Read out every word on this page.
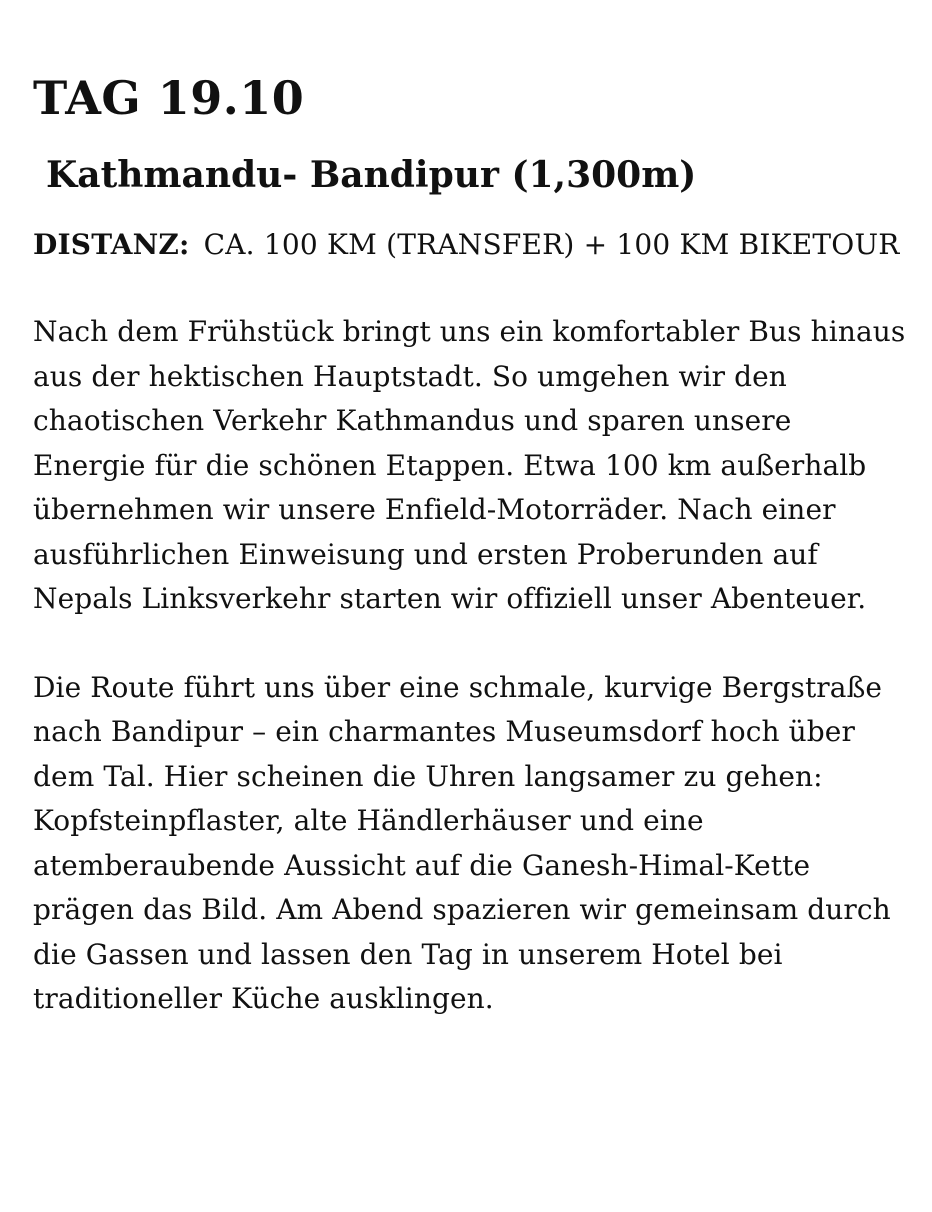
TAG 19.10
Kathmandu- Bandipur (1,300m)

DISTANZ: CA. 100 KM (TRANSFER) + 100 KM BIKETOUR

Nach dem Frühstück bringt uns ein komfortabler Bus hinaus aus der hektischen Hauptstadt. So umgehen wir den chaotischen Verkehr Kathmandus und sparen unsere Energie für die schönen Etappen. Etwa 100 km außerhalb übernehmen wir unsere Enfield-Motorräder. Nach einer ausführlichen Einweisung und ersten Proberunden auf Nepals Linksverkehr starten wir offiziell unser Abenteuer.

Die Route führt uns über eine schmale, kurvige Bergstraße nach Bandipur – ein charmantes Museumsdorf hoch über dem Tal. Hier scheinen die Uhren langsamer zu gehen: Kopfsteinpflaster, alte Händlerhäuser und eine atemberaubende Aussicht auf die Ganesh-Himal-Kette prägen das Bild. Am Abend spazieren wir gemeinsam durch die Gassen und lassen den Tag in unserem Hotel bei traditioneller Küche ausklingen.
